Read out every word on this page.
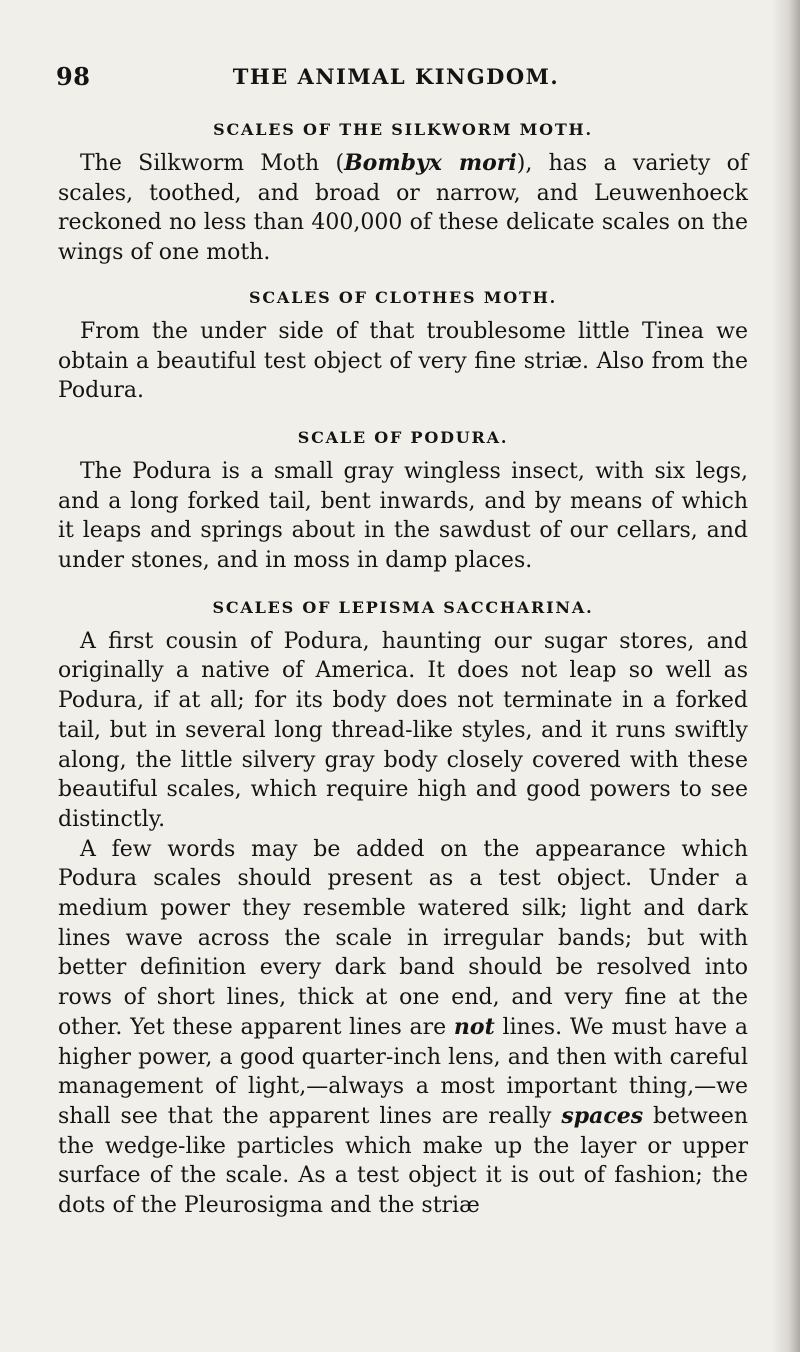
98	THE ANIMAL KINGDOM.
SCALES OF THE SILKWORM MOTH.

The Silkworm Moth (Bombyx mori), has a variety of scales, toothed, and broad or narrow, and Leuwenhoeck reckoned no less than 400,000 of these delicate scales on the wings of one moth.

SCALES OF CLOTHES MOTH.

From the under side of that troublesome little Tinea we obtain a beautiful test object of very fine striæ. Also from the Podura.

SCALE OF PODURA.

The Podura is a small gray wingless insect, with six legs, and a long forked tail, bent inwards, and by means of which it leaps and springs about in the sawdust of our cellars, and under stones, and in moss in damp places.

SCALES OF LEPISMA SACCHARINA.

A first cousin of Podura, haunting our sugar stores, and originally a native of America. It does not leap so well as Podura, if at all; for its body does not terminate in a forked tail, but in several long thread-like styles, and it runs swiftly along, the little silvery gray body closely covered with these beautiful scales, which require high and good powers to see distinctly.

A few words may be added on the appearance which Podura scales should present as a test object. Under a medium power they resemble watered silk; light and dark lines wave across the scale in irregular bands; but with better definition every dark band should be resolved into rows of short lines, thick at one end, and very fine at the other. Yet these apparent lines are not lines. We must have a higher power, a good quarter-inch lens, and then with careful management of light,—always a most important thing,—we shall see that the apparent lines are really spaces between the wedge-like particles which make up the layer or upper surface of the scale. As a test object it is out of fashion; the dots of the Pleurosigma and the striæ
